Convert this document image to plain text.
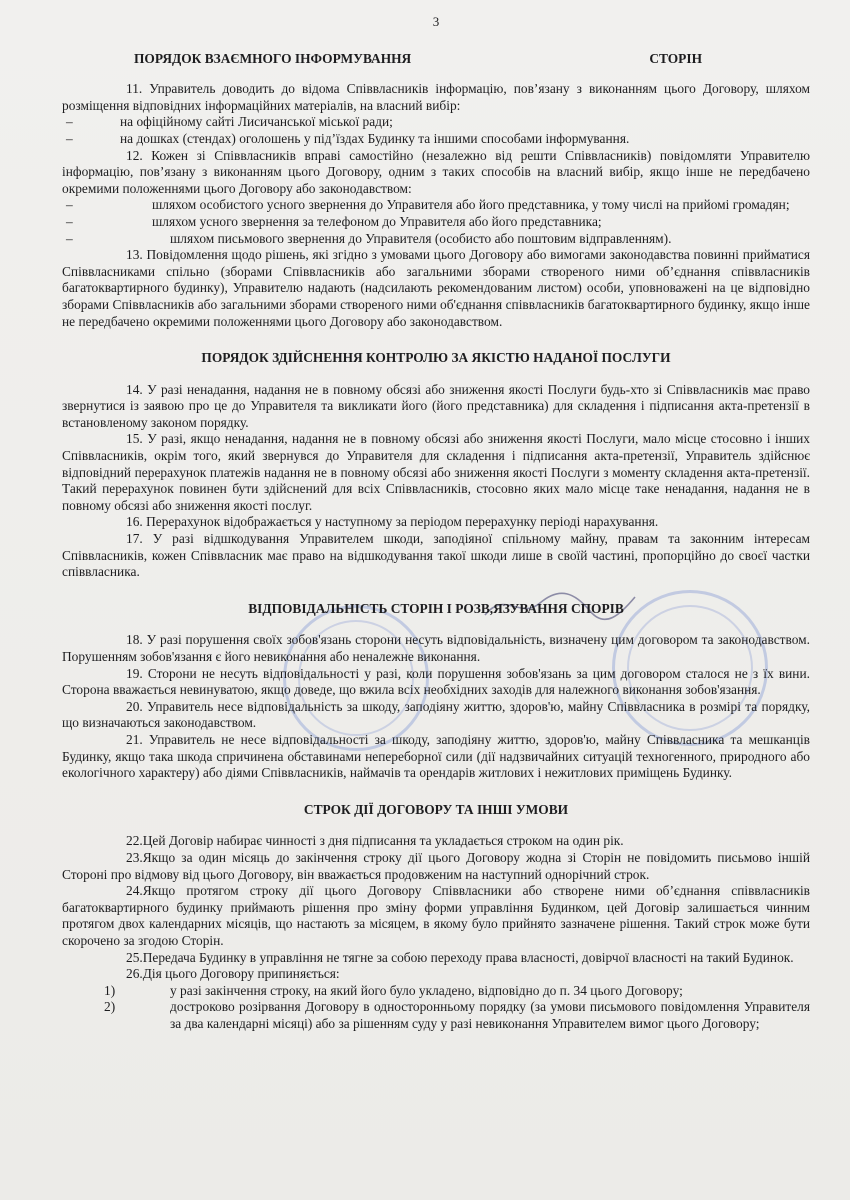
3
ПОРЯДОК ВЗАЄМНОГО ІНФОРМУВАННЯ	СТОРІН

11. Управитель доводить до відома Співвласників інформацію, пов’язану з виконанням цього Договору, шляхом розміщення відповідних інформаційних матеріалів, на власний вибір:

–	на офіційному сайті Лисичанської міської ради;

–	на дошках (стендах) оголошень у під’їздах Будинку та іншими способами інформування.

12. Кожен зі Співвласників вправі самостійно (незалежно від решти Співвласників) повідомляти Управителю інформацію, пов’язану з виконанням цього Договору, одним з таких способів на власний вибір, якщо інше не передбачено окремими положеннями цього Договору або законодавством:

–	шляхом особистого усного звернення до Управителя або його представника, у тому числі на прийомі громадян;

–	шляхом усного звернення за телефоном до Управителя або його представника;

–	шляхом письмового звернення до Управителя (особисто або поштовим відправленням).

13. Повідомлення щодо рішень, які згідно з умовами цього Договору або вимогами законодавства повинні прийматися Співвласниками спільно (зборами Співвласників або загальними зборами створеного ними об’єднання співвласників багатоквартирного будинку), Управителю надають (надсилають рекомендованим листом) особи, уповноважені на це відповідно зборами Співвласників або загальними зборами створеного ними об'єднання співвласників багатоквартирного будинку, якщо інше не передбачено окремими положеннями цього Договору або законодавством.

ПОРЯДОК ЗДІЙСНЕННЯ КОНТРОЛЮ ЗА ЯКІСТЮ НАДАНОЇ ПОСЛУГИ

14. У разі ненадання, надання не в повному обсязі або зниження якості Послуги будь-хто зі Співвласників має право звернутися із заявою про це до Управителя та викликати його (його представника) для складення і підписання акта-претензії в встановленому законом порядку.

15. У разі, якщо ненадання, надання не в повному обсязі або зниження якості Послуги, мало місце стосовно і інших Співвласників, окрім того, який звернувся до Управителя для складення і підписання акта-претензії, Управитель здійснює відповідний перерахунок платежів надання не в повному обсязі або зниження якості Послуги з моменту складення акта-претензії. Такий перерахунок повинен бути здійснений для всіх Співвласників, стосовно яких мало місце таке ненадання, надання не в повному обсязі або зниження якості послуг.

16. Перерахунок відображається у наступному за періодом перерахунку періоді нарахування.

17. У разі відшкодування Управителем шкоди, заподіяної спільному майну, правам та законним інтересам Співвласників, кожен Співвласник має право на відшкодування такої шкоди лише в своїй частині, пропорційно до своєї частки співвласника.

ВІДПОВІДАЛЬНІСТЬ СТОРІН І РОЗВ,ЯЗУВАННЯ СПОРІВ

18. У разі порушення своїх зобов'язань сторони несуть відповідальність, визначену цим договором та законодавством. Порушенням зобов'язання є його невиконання або неналежне виконання.

19. Сторони не несуть відповідальності у разі, коли порушення зобов'язань за цим договором сталося не з їх вини. Сторона вважається невинуватою, якщо доведе, що вжила всіх необхідних заходів для належного виконання зобов'язання.

20. Управитель несе відповідальність за шкоду, заподіяну життю, здоров'ю, майну Співвласника в розмірі та порядку, що визначаються законодавством.

21. Управитель не несе відповідальності за шкоду, заподіяну життю, здоров'ю, майну Співвласника та мешканців Будинку, якщо така шкода спричинена обставинами непереборної сили (дії надзвичайних ситуацій техногенного, природного або екологічного характеру) або діями Співвласників, наймачів та орендарів житлових і нежитлових приміщень Будинку.

СТРОК ДІЇ ДОГОВОРУ ТА ІНШІ УМОВИ

22.Цей Договір набирає чинності з дня підписання та укладається строком на один рік.

23.Якщо за один місяць до закінчення строку дії цього Договору жодна зі Сторін не повідомить письмово іншій Стороні про відмову від цього Договору, він вважається продовженим на наступний однорічний строк.

24.Якщо протягом строку дії цього Договору Співвласники або створене ними об’єднання співвласників багатоквартирного будинку приймають рішення про зміну форми управління Будинком, цей Договір залишається чинним протягом двох календарних місяців, що настають за місяцем, в якому було прийнято зазначене рішення. Такий строк може бути скорочено за згодою Сторін.

25.Передача Будинку в управління не тягне за собою переходу права власності, довірчої власності на такий Будинок.

26.Дія цього Договору припиняється:

1)	у разі закінчення строку, на який його було укладено, відповідно до п. 34 цього Договору;

2)	достроково розірвання Договору в односторонньому порядку (за умови письмового повідомлення Управителя за два календарні місяці) або за рішенням суду у разі невиконання Управителем вимог цього Договору;
